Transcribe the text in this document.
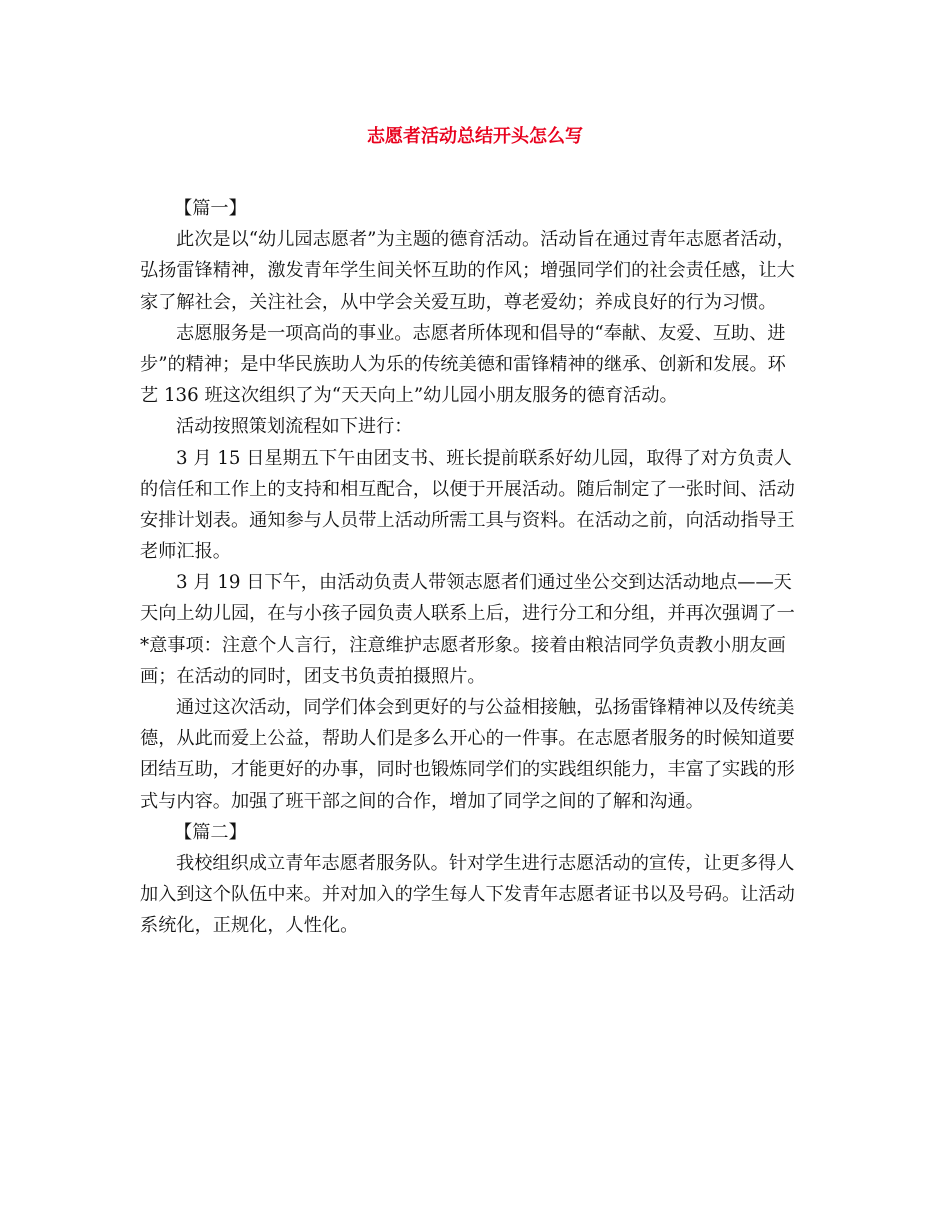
志愿者活动总结开头怎么写
【篇一】
此次是以“幼儿园志愿者”为主题的德育活动。活动旨在通过青年志愿者活动，
弘扬雷锋精神，激发青年学生间关怀互助的作风；增强同学们的社会责任感，让大
家了解社会，关注社会，从中学会关爱互助，尊老爱幼；养成良好的行为习惯。
志愿服务是一项高尚的事业。志愿者所体现和倡导的“奉献、友爱、互助、进
步”的精神；是中华民族助人为乐的传统美德和雷锋精神的继承、创新和发展。环
艺 136 班这次组织了为“天天向上”幼儿园小朋友服务的德育活动。
活动按照策划流程如下进行：
3 月 15 日星期五下午由团支书、班长提前联系好幼儿园，取得了对方负责人
的信任和工作上的支持和相互配合，以便于开展活动。随后制定了一张时间、活动
安排计划表。通知参与人员带上活动所需工具与资料。在活动之前，向活动指导王
老师汇报。
3 月 19 日下午，由活动负责人带领志愿者们通过坐公交到达活动地点——天
天向上幼儿园，在与小孩子园负责人联系上后，进行分工和分组，并再次强调了一
*意事项：注意个人言行，注意维护志愿者形象。接着由粮洁同学负责教小朋友画
画；在活动的同时，团支书负责拍摄照片。
通过这次活动，同学们体会到更好的与公益相接触，弘扬雷锋精神以及传统美
德，从此而爱上公益，帮助人们是多么开心的一件事。在志愿者服务的时候知道要
团结互助，才能更好的办事，同时也锻炼同学们的实践组织能力，丰富了实践的形
式与内容。加强了班干部之间的合作，增加了同学之间的了解和沟通。
【篇二】
我校组织成立青年志愿者服务队。针对学生进行志愿活动的宣传，让更多得人
加入到这个队伍中来。并对加入的学生每人下发青年志愿者证书以及号码。让活动
系统化，正规化，人性化。
